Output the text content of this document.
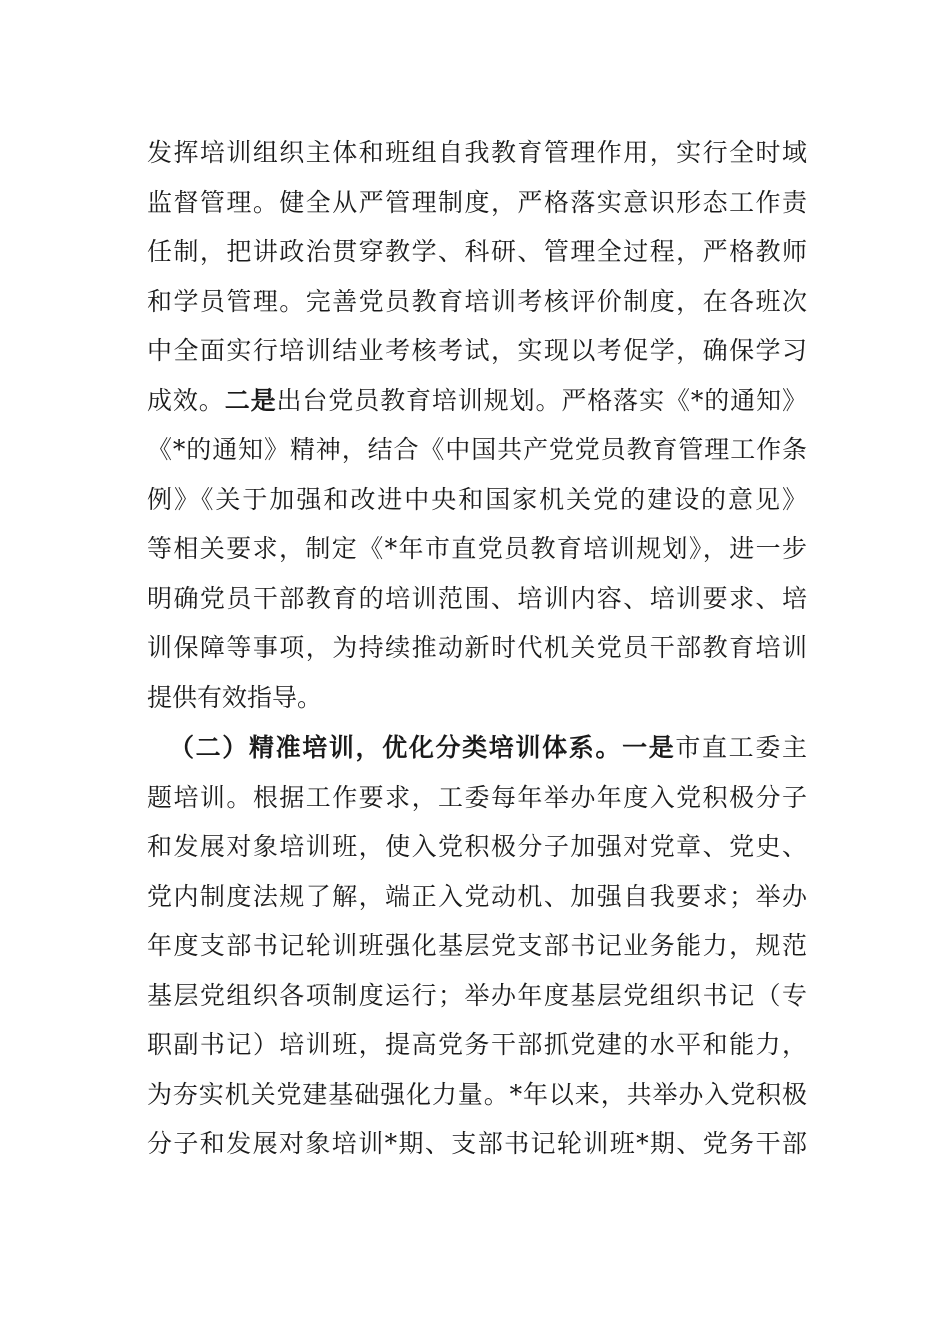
发挥培训组织主体和班组自我教育管理作用，实行全时域
监督管理。健全从严管理制度，严格落实意识形态工作责
任制，把讲政治贯穿教学、科研、管理全过程，严格教师
和学员管理。完善党员教育培训考核评价制度，在各班次
中全面实行培训结业考核考试，实现以考促学，确保学习
成效。二是出台党员教育培训规划。严格落实《*的通知》
《*的通知》精神，结合《中国共产党党员教育管理工作条
例》《关于加强和改进中央和国家机关党的建设的意见》
等相关要求，制定《*年市直党员教育培训规划》，进一步
明确党员干部教育的培训范围、培训内容、培训要求、培
训保障等事项，为持续推动新时代机关党员干部教育培训
提供有效指导。
（二）精准培训，优化分类培训体系。一是市直工委主
题培训。根据工作要求，工委每年举办年度入党积极分子
和发展对象培训班，使入党积极分子加强对党章、党史、
党内制度法规了解，端正入党动机、加强自我要求；举办
年度支部书记轮训班强化基层党支部书记业务能力，规范
基层党组织各项制度运行；举办年度基层党组织书记（专
职副书记）培训班，提高党务干部抓党建的水平和能力，
为夯实机关党建基础强化力量。*年以来，共举办入党积极
分子和发展对象培训*期、支部书记轮训班*期、党务干部
